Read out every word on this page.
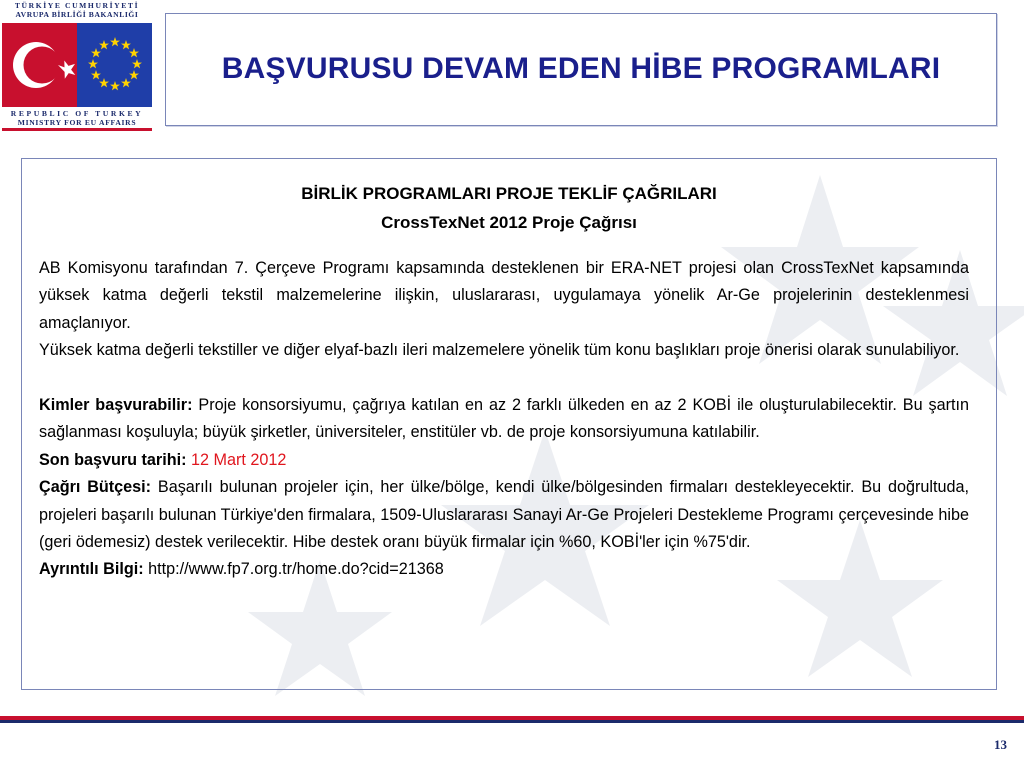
TÜRKİYE CUMHURİYETİ
AVRUPA BİRLİĞİ BAKANLIĞI
REPUBLIC OF TURKEY
MINISTRY FOR EU AFFAIRS
BAŞVURUSU DEVAM EDEN HİBE PROGRAMLARI
BİRLİK PROGRAMLARI PROJE TEKLİF ÇAĞRILARI
CrossTexNet 2012 Proje Çağrısı

AB Komisyonu tarafından 7. Çerçeve Programı kapsamında desteklenen bir ERA-NET projesi olan CrossTexNet kapsamında yüksek katma değerli tekstil malzemelerine ilişkin, uluslararası, uygulamaya yönelik Ar-Ge projelerinin desteklenmesi amaçlanıyor.

Yüksek katma değerli tekstiller ve diğer elyaf-bazlı ileri malzemelere yönelik tüm konu başlıkları proje önerisi olarak sunulabiliyor.

Kimler başvurabilir: Proje konsorsiyumu, çağrıya katılan en az 2 farklı ülkeden en az 2 KOBİ ile oluşturulabilecektir. Bu şartın sağlanması koşuluyla; büyük şirketler, üniversiteler, enstitüler vb. de proje konsorsiyumuna katılabilir.

Son başvuru tarihi: 12 Mart 2012

Çağrı Bütçesi: Başarılı bulunan projeler için, her ülke/bölge, kendi ülke/bölgesinden firmaları destekleyecektir. Bu doğrultuda, projeleri başarılı bulunan Türkiye'den firmalara, 1509-Uluslararası Sanayi Ar-Ge Projeleri Destekleme Programı çerçevesinde hibe (geri ödemesiz) destek verilecektir. Hibe destek oranı büyük firmalar için %60, KOBİ'ler için %75'dir.

Ayrıntılı Bilgi: http://www.fp7.org.tr/home.do?cid=21368

13
